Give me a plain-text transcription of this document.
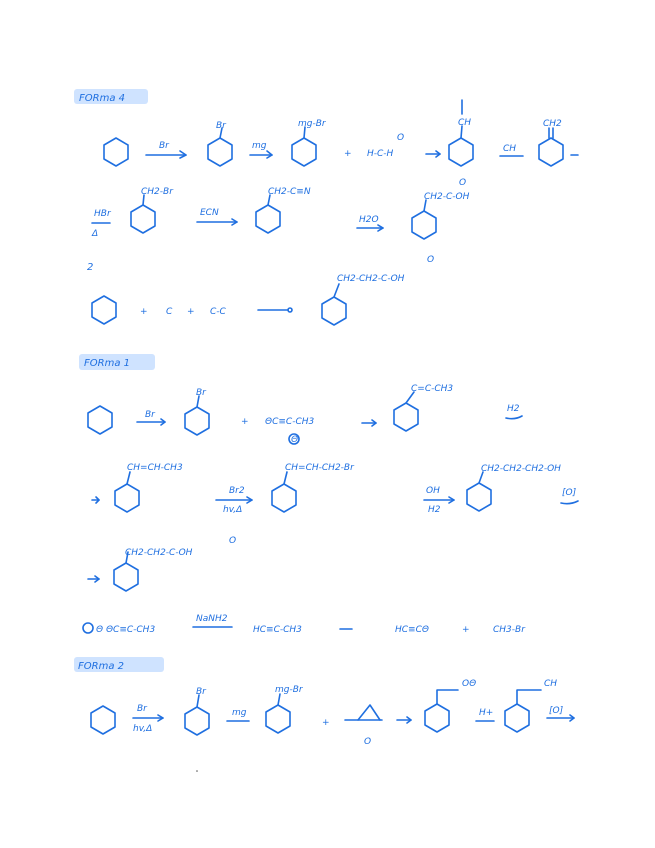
FORma 4
Br
Br
mg
mg-Br
+ H-C-H
O
CH
CH
CH2
HBr
Δ
CH2-Br
ECN
CH2-C≡N
H2O
CH2-C-OH
O
2
+ C + C-C
CH2-CH2-C-OH
O
FORma 1
Br
Br
+ ΘC≡C-CH3
Θ
C=C-CH3
H2
CH=CH-CH3
Br2
hv,Δ
CH=CH-CH2-Br
OH
H2
CH2-CH2-CH2-OH
[O]
CH2-CH2-C-OH
O
Θ ΘC≡C-CH3
NaNH2
HC≡C-CH3	HC≡CΘ	+	CH3-Br
FORma 2
Br
hv,Δ
Br
mg
mg-Br
+
O
OΘ
H+
CH
[O]
